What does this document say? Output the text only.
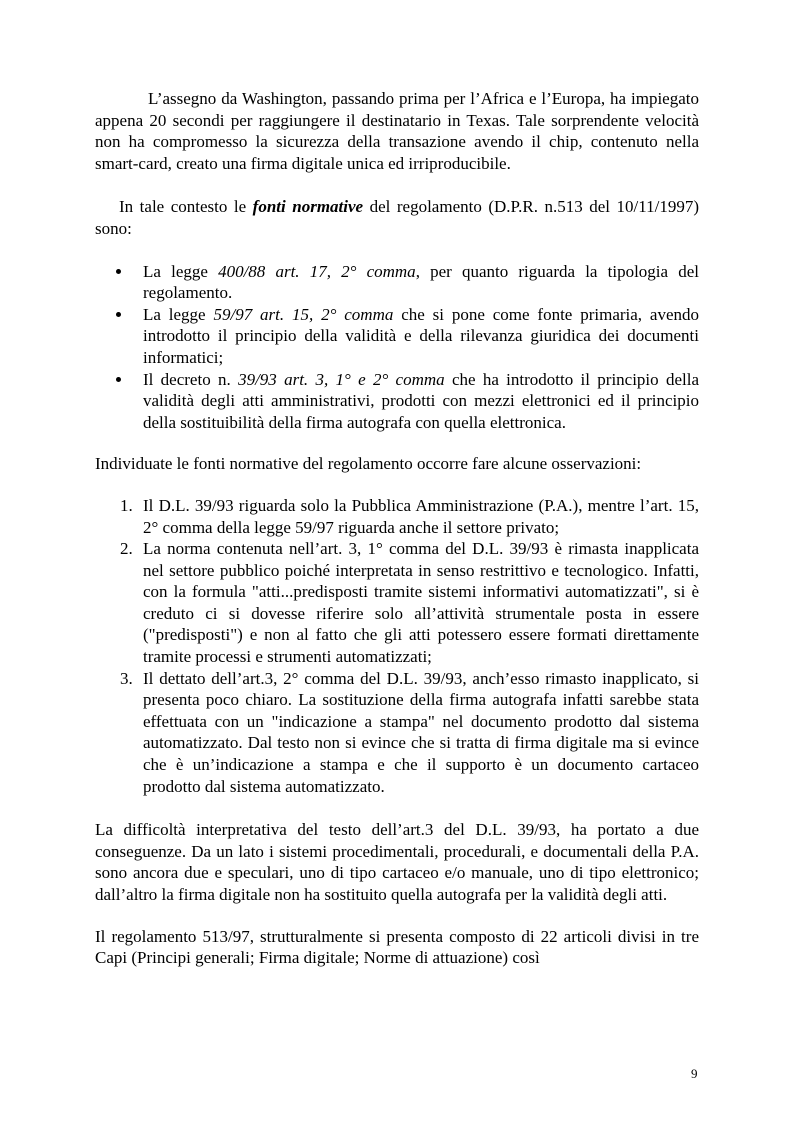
L’assegno da Washington, passando prima per l’Africa e l’Europa, ha impiegato appena 20 secondi per raggiungere il destinatario in Texas. Tale sorprendente velocità non ha compromesso la sicurezza della transazione avendo il chip, contenuto nella smart-card, creato una firma digitale unica ed irriproducibile.

In tale contesto le fonti normative del regolamento (D.P.R. n.513 del 10/11/1997) sono:

La legge 400/88 art. 17, 2° comma, per quanto riguarda la tipologia del regolamento.
La legge 59/97 art. 15, 2° comma che si pone come fonte primaria, avendo introdotto il principio della validità e della rilevanza giuridica dei documenti informatici;
Il decreto n. 39/93 art. 3, 1° e 2° comma che ha introdotto il principio della validità degli atti amministrativi, prodotti con mezzi elettronici ed il principio della sostituibilità della firma autografa con quella elettronica.

Individuate le fonti normative del regolamento occorre fare alcune osservazioni:

1. Il D.L. 39/93 riguarda solo la Pubblica Amministrazione (P.A.), mentre l’art. 15, 2° comma della legge 59/97 riguarda anche il settore privato;
2. La norma contenuta nell’art. 3, 1° comma del D.L. 39/93 è rimasta inapplicata nel settore pubblico poiché interpretata in senso restrittivo e tecnologico. Infatti, con la formula "atti...predisposti tramite sistemi informativi automatizzati", si è creduto ci si dovesse riferire solo all’attività strumentale posta in essere ("predisposti") e non al fatto che gli atti potessero essere formati direttamente tramite processi e strumenti automatizzati;
3. Il dettato dell’art.3, 2° comma del D.L. 39/93, anch’esso rimasto inapplicato, si presenta poco chiaro. La sostituzione della firma autografa infatti sarebbe stata effettuata con un "indicazione a stampa" nel documento prodotto dal sistema automatizzato. Dal testo non si evince che si tratta di firma digitale ma si evince che è un’indicazione a stampa e che il supporto è un documento cartaceo prodotto dal sistema automatizzato.

La difficoltà interpretativa del testo dell’art.3 del D.L. 39/93, ha portato a due conseguenze. Da un lato i sistemi procedimentali, procedurali, e documentali della P.A. sono ancora due e speculari, uno di tipo cartaceo e/o manuale, uno di tipo elettronico; dall’altro la firma digitale non ha sostituito quella autografa per la validità degli atti.

Il regolamento 513/97, strutturalmente si presenta composto di 22 articoli divisi in tre Capi (Principi generali; Firma digitale; Norme di attuazione) così

9
